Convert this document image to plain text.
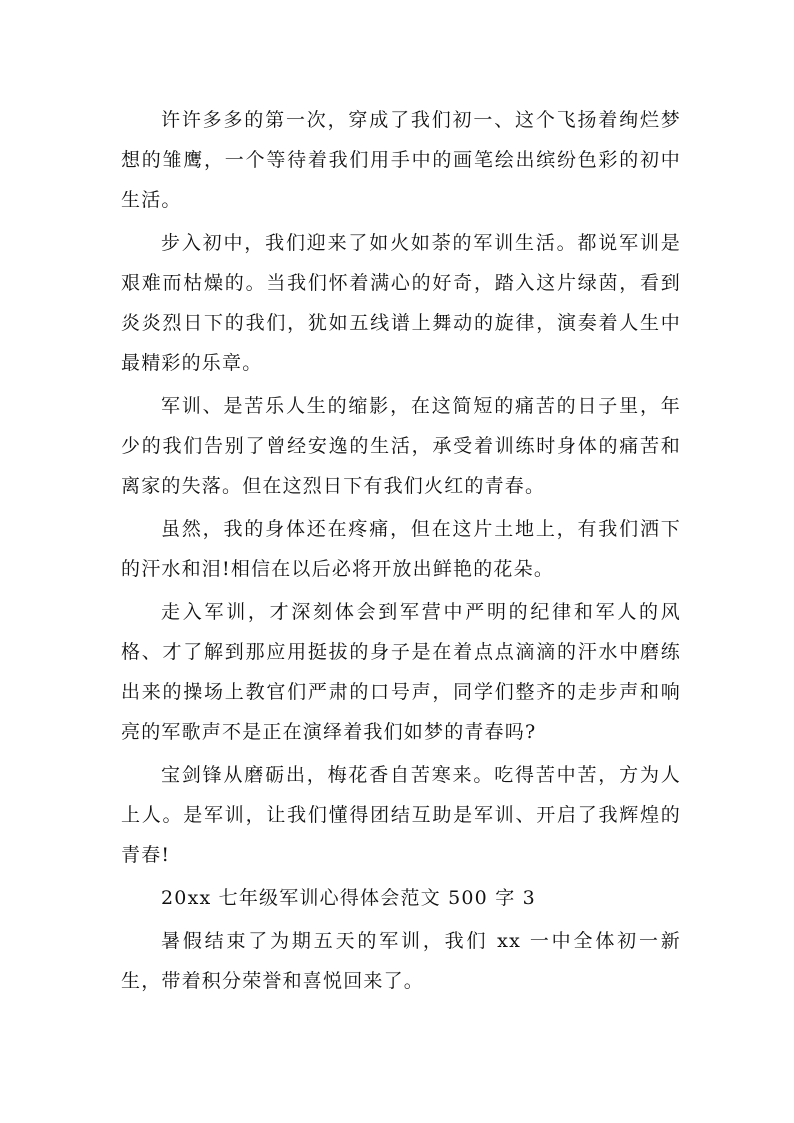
许许多多的第一次，穿成了我们初一、这个飞扬着绚烂梦想的雏鹰，一个等待着我们用手中的画笔绘出缤纷色彩的初中生活。

步入初中，我们迎来了如火如荼的军训生活。都说军训是艰难而枯燥的。当我们怀着满心的好奇，踏入这片绿茵，看到炎炎烈日下的我们，犹如五线谱上舞动的旋律，演奏着人生中最精彩的乐章。

军训、是苦乐人生的缩影，在这简短的痛苦的日子里，年少的我们告别了曾经安逸的生活，承受着训练时身体的痛苦和离家的失落。但在这烈日下有我们火红的青春。

虽然，我的身体还在疼痛，但在这片土地上，有我们洒下的汗水和泪!相信在以后必将开放出鲜艳的花朵。

走入军训，才深刻体会到军营中严明的纪律和军人的风格、才了解到那应用挺拔的身子是在着点点滴滴的汗水中磨练出来的操场上教官们严肃的口号声，同学们整齐的走步声和响亮的军歌声不是正在演绎着我们如梦的青春吗?

宝剑锋从磨砺出，梅花香自苦寒来。吃得苦中苦，方为人上人。是军训，让我们懂得团结互助是军训、开启了我辉煌的青春!

20xx 七年级军训心得体会范文 500 字 3

暑假结束了为期五天的军训，我们 xx 一中全体初一新生，带着积分荣誉和喜悦回来了。
